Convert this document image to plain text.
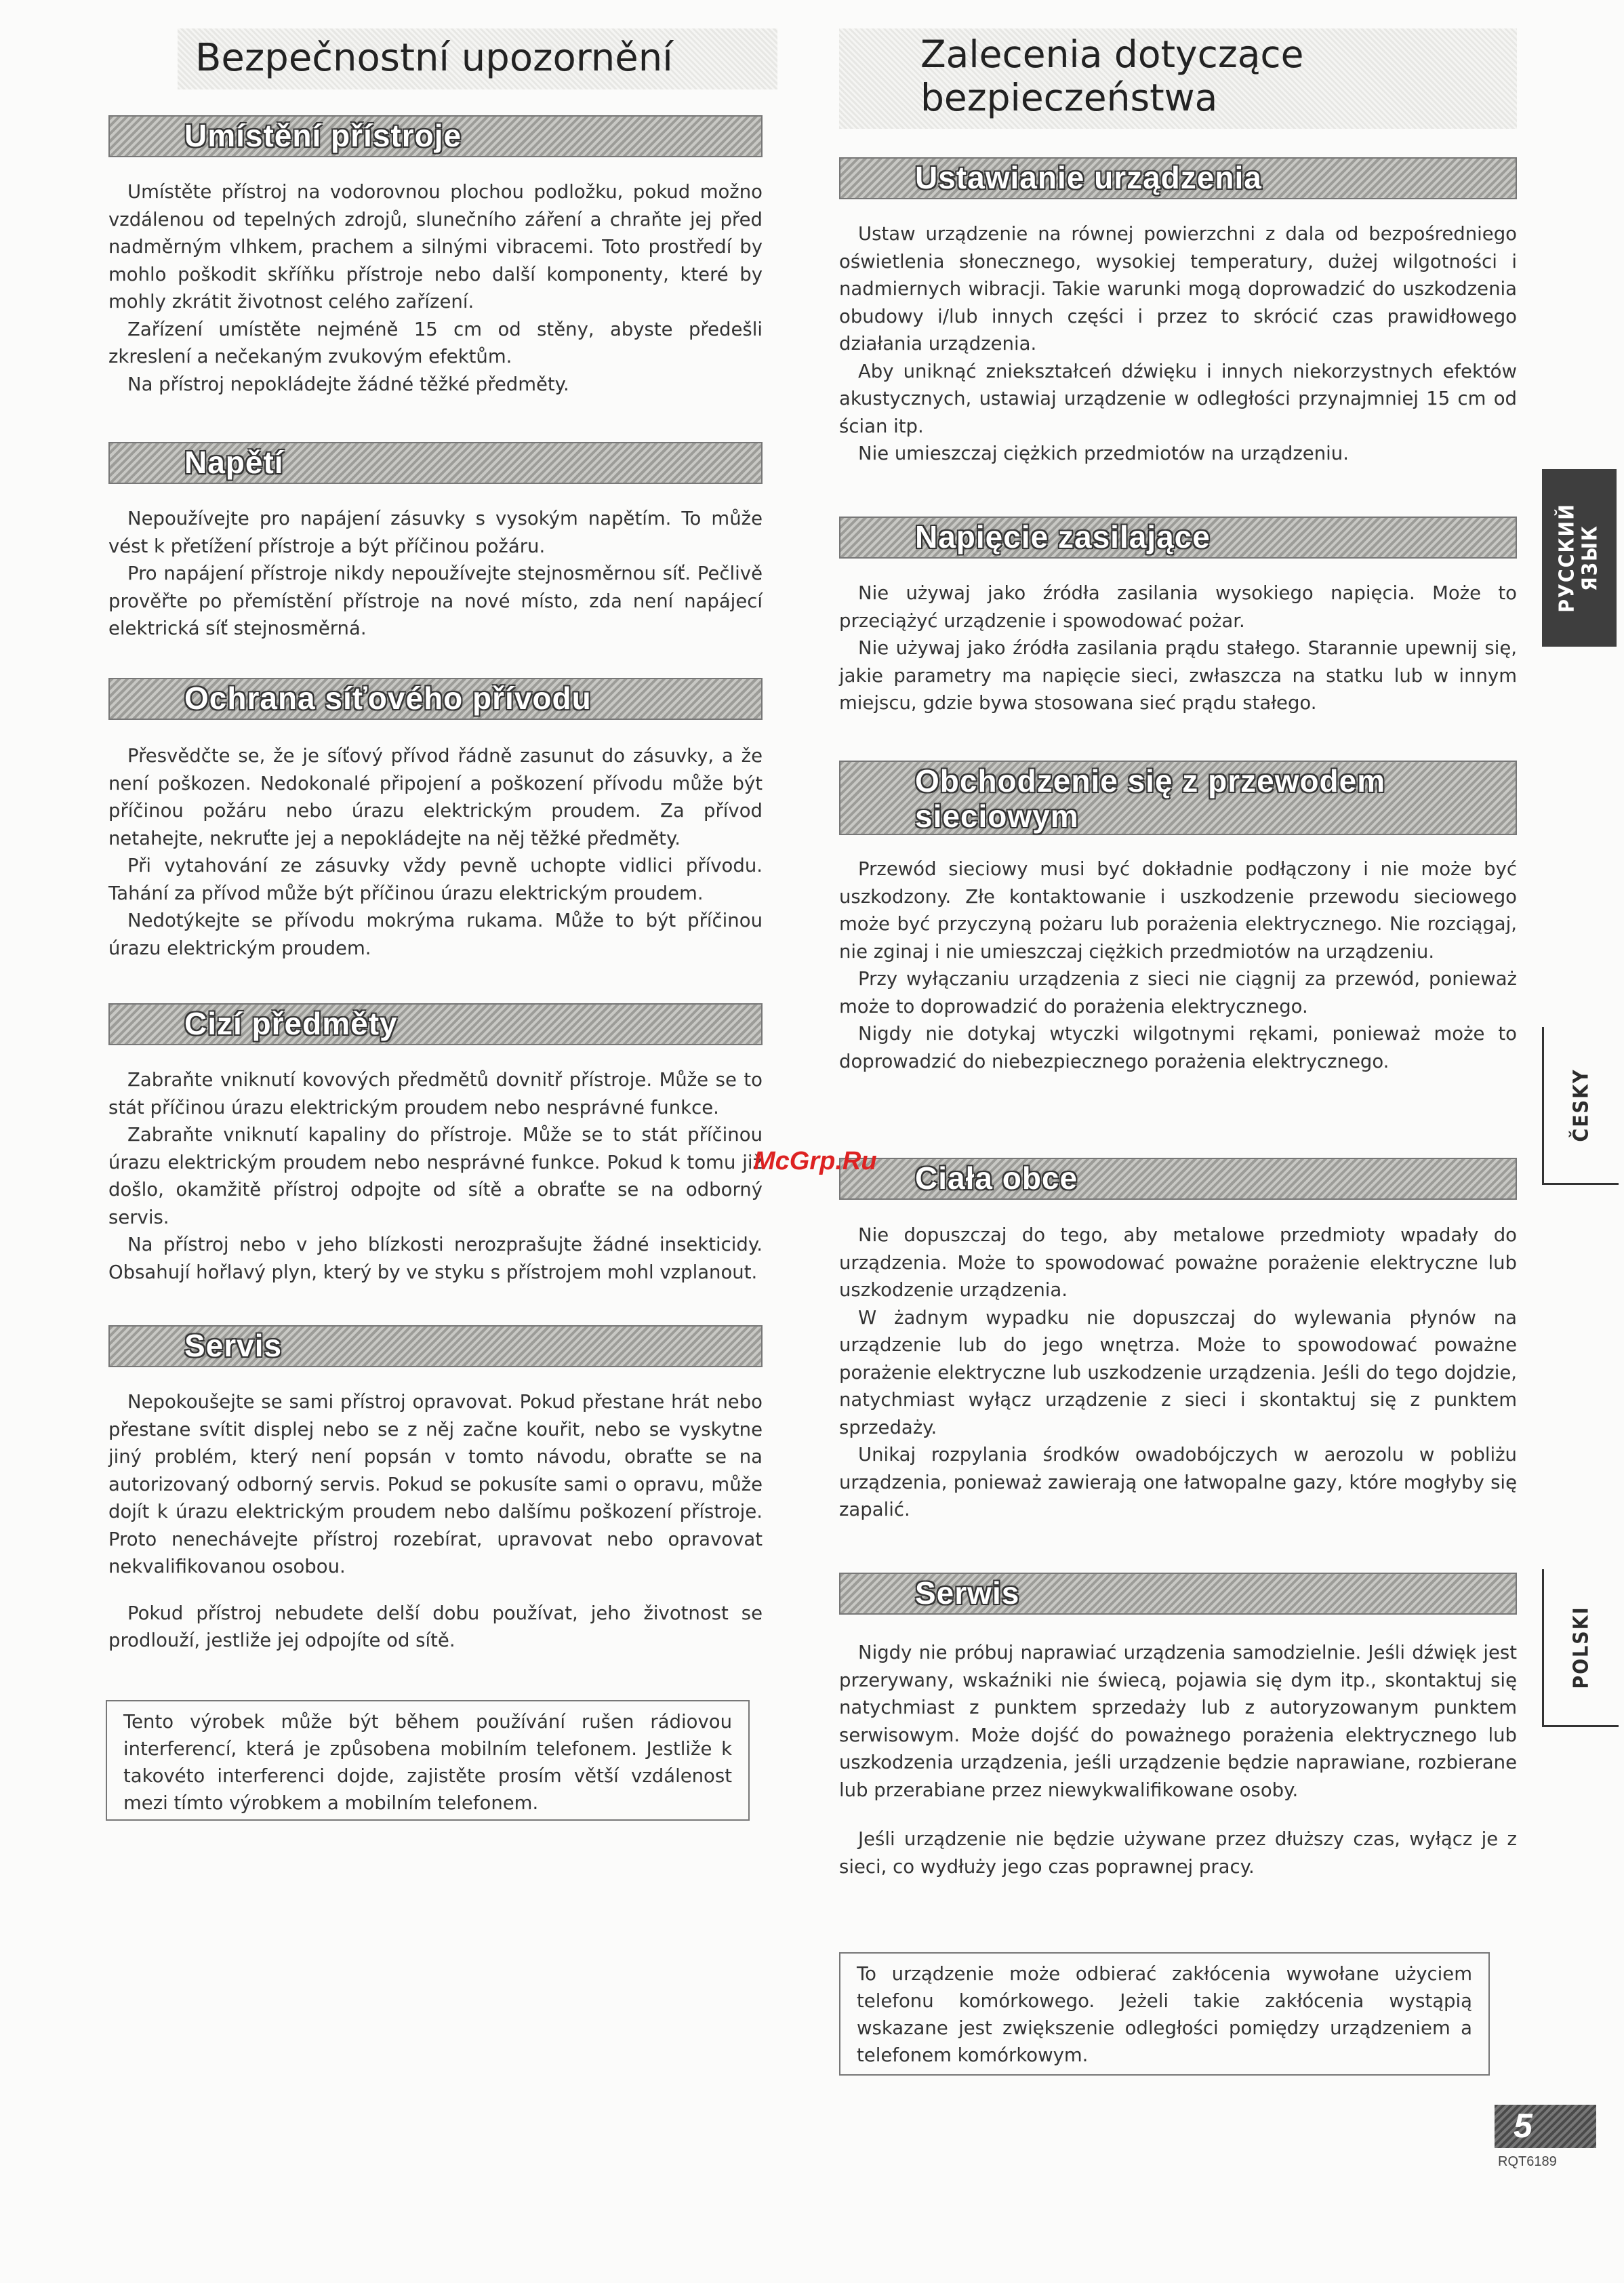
Bezpečnostní upozornění
Umístění přístroje

Umístěte přístroj na vodorovnou plochou podložku, pokud možno vzdálenou od tepelných zdrojů, slunečního záření a chraňte jej před nadměrným vlhkem, prachem a silnými vibracemi. Toto prostředí by mohlo poškodit skříňku přístroje nebo další komponenty, které by mohly zkrátit životnost celého zařízení.

Zařízení umístěte nejméně 15 cm od stěny, abyste předešli zkreslení a nečekaným zvukovým efektům.

Na přístroj nepokládejte žádné těžké předměty.

Napětí

Nepoužívejte pro napájení zásuvky s vysokým napětím. To může vést k přetížení přístroje a být příčinou požáru.

Pro napájení přístroje nikdy nepoužívejte stejnosměrnou síť. Pečlivě prověřte po přemístění přístroje na nové místo, zda není napájecí elektrická síť stejnosměrná.

Ochrana síťového přívodu

Přesvědčte se, že je síťový přívod řádně zasunut do zásuvky, a že není poškozen. Nedokonalé připojení a poškození přívodu může být příčinou požáru nebo úrazu elektrickým proudem. Za přívod netahejte, nekruťte jej a nepokládejte na něj těžké předměty.

Při vytahování ze zásuvky vždy pevně uchopte vidlici přívodu. Tahání za přívod může být příčinou úrazu elektrickým proudem.

Nedotýkejte se přívodu mokrýma rukama. Může to být příčinou úrazu elektrickým proudem.

Cizí předměty

Zabraňte vniknutí kovových předmětů dovnitř přístroje. Může se to stát příčinou úrazu elektrickým proudem nebo nesprávné funkce.

Zabraňte vniknutí kapaliny do přístroje. Může se to stát příčinou úrazu elektrickým proudem nebo nesprávné funkce. Pokud k tomu již došlo, okamžitě přístroj odpojte od sítě a obraťte se na odborný servis.

Na přístroj nebo v jeho blízkosti nerozprašujte žádné insekticidy. Obsahují hořlavý plyn, který by ve styku s přístrojem mohl vzplanout.

Servis

Nepokoušejte se sami přístroj opravovat. Pokud přestane hrát nebo přestane svítit displej nebo se z něj začne kouřit, nebo se vyskytne jiný problém, který není popsán v tomto návodu, obraťte se na autorizovaný odborný servis. Pokud se pokusíte sami o opravu, může dojít k úrazu elektrickým proudem nebo dalšímu poškození přístroje. Proto nenechávejte přístroj rozebírat, upravovat nebo opravovat nekvalifikovanou osobou.

Pokud přístroj nebudete delší dobu používat, jeho životnost se prodlouží, jestliže jej odpojíte od sítě.

Tento výrobek může být během používání rušen rádiovou interferencí, která je způsobena mobilním telefonem. Jestliže k takovéto interferenci dojde, zajistěte prosím větší vzdálenost mezi tímto výrobkem a mobilním telefonem.
Zalecenia dotyczące
bezpieczeństwa
Ustawianie urządzenia

Ustaw urządzenie na równej powierzchni z dala od bezpośredniego oświetlenia słonecznego, wysokiej temperatury, dużej wilgotności i nadmiernych wibracji. Takie warunki mogą doprowadzić do uszkodzenia obudowy i/lub innych części i przez to skrócić czas prawidłowego działania urządzenia.

Aby uniknąć zniekształceń dźwięku i innych niekorzystnych efektów akustycznych, ustawiaj urządzenie w odległości przynajmniej 15 cm od ścian itp.

Nie umieszczaj ciężkich przedmiotów na urządzeniu.

Napięcie zasilające

Nie używaj jako źródła zasilania wysokiego napięcia. Może to przeciążyć urządzenie i spowodować pożar.

Nie używaj jako źródła zasilania prądu stałego. Starannie upewnij się, jakie parametry ma napięcie sieci, zwłaszcza na statku lub w innym miejscu, gdzie bywa stosowana sieć prądu stałego.

Obchodzenie się z przewodem sieciowym

Przewód sieciowy musi być dokładnie podłączony i nie może być uszkodzony. Złe kontaktowanie i uszkodzenie przewodu sieciowego może być przyczyną pożaru lub porażenia elektrycznego. Nie rozciągaj, nie zginaj i nie umieszczaj ciężkich przedmiotów na urządzeniu.

Przy wyłączaniu urządzenia z sieci nie ciągnij za przewód, ponieważ może to doprowadzić do porażenia elektrycznego.

Nigdy nie dotykaj wtyczki wilgotnymi rękami, ponieważ może to doprowadzić do niebezpiecznego porażenia elektrycznego.

Ciała obce

Nie dopuszczaj do tego, aby metalowe przedmioty wpadały do urządzenia. Może to spowodować poważne porażenie elektryczne lub uszkodzenie urządzenia.

W żadnym wypadku nie dopuszczaj do wylewania płynów na urządzenie lub do jego wnętrza. Może to spowodować poważne porażenie elektryczne lub uszkodzenie urządzenia. Jeśli do tego dojdzie, natychmiast wyłącz urządzenie z sieci i skontaktuj się z punktem sprzedaży.

Unikaj rozpylania środków owadobójczych w aerozolu w pobliżu urządzenia, ponieważ zawierają one łatwopalne gazy, które mogłyby się zapalić.

Serwis

Nigdy nie próbuj naprawiać urządzenia samodzielnie. Jeśli dźwięk jest przerywany, wskaźniki nie świecą, pojawia się dym itp., skontaktuj się natychmiast z punktem sprzedaży lub z autoryzowanym punktem serwisowym. Może dojść do poważnego porażenia elektrycznego lub uszkodzenia urządzenia, jeśli urządzenie będzie naprawiane, rozbierane lub przerabiane przez niewykwalifikowane osoby.

Jeśli urządzenie nie będzie używane przez dłuższy czas, wyłącz je z sieci, co wydłuży jego czas poprawnej pracy.

To urządzenie może odbierać zakłócenia wywołane użyciem telefonu komórkowego. Jeżeli takie zakłócenia wystąpią wskazane jest zwiększenie odległości pomiędzy urządzeniem a telefonem komórkowym.
РУССКИЙ ЯЗЫК
ČESKY
POLSKI
McGrp.Ru
5
RQT6189
